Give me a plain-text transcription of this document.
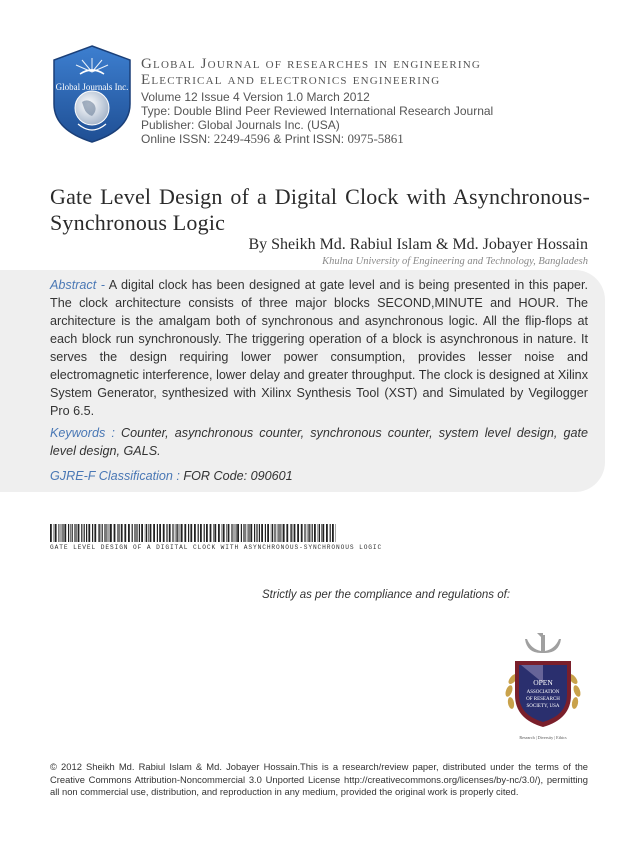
Global Journals Inc.
Global Journal of researches in engineering
Electrical and electronics engineering
Volume 12 Issue 4 Version 1.0 March 2012
Type: Double Blind Peer Reviewed International Research Journal
Publisher: Global Journals Inc. (USA)
Online ISSN: 2249-4596 & Print ISSN: 0975-5861
Gate Level Design of a Digital Clock with Asynchronous-Synchronous Logic
By Sheikh Md. Rabiul Islam & Md. Jobayer Hossain
Khulna University of Engineering and Technology, Bangladesh
Abstract - A digital clock has been designed at gate level and is being presented in this paper. The clock architecture consists of three major blocks SECOND,MINUTE and HOUR. The architecture is the amalgam both of synchronous and asynchronous logic. All the flip-flops at each block run synchronously. The triggering operation of a block is asynchronous in nature. It serves the design requiring lower power consumption, provides lesser noise and electromagnetic interference, lower delay and greater throughput. The clock is designed at Xilinx System Generator, synthesized with Xilinx Synthesis Tool (XST) and Simulated by Vegilogger Pro 6.5.
Keywords : Counter, asynchronous counter, synchronous counter, system level design, gate level design, GALS.
GJRE-F Classification : FOR Code: 090601
GATE LEVEL DESIGN OF A DIGITAL CLOCK WITH ASYNCHRONOUS-SYNCHRONOUS LOGIC
Strictly as per the compliance and regulations of:
OPEN
ASSOCIATION
OF RESEARCH
SOCIETY, USA
Research | Diversity | Ethics
© 2012 Sheikh Md. Rabiul Islam & Md. Jobayer Hossain.This is a research/review paper, distributed under the terms of the Creative Commons Attribution-Noncommercial 3.0 Unported License http://creativecommons.org/licenses/by-nc/3.0/), permitting all non commercial use, distribution, and reproduction in any medium, provided the original work is properly cited.
